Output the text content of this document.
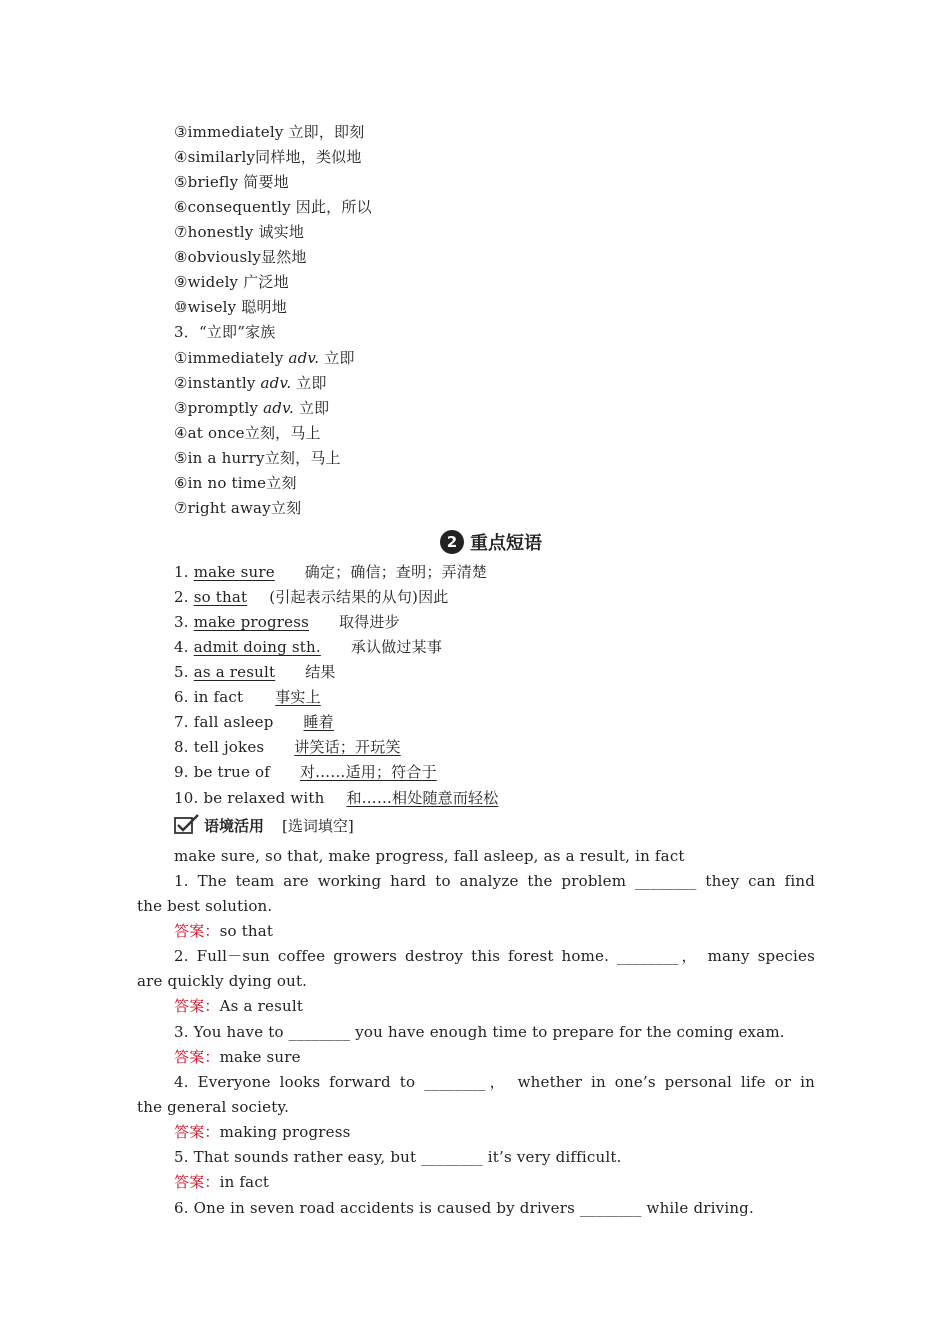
③immediately 立即，即刻
④similarly同样地，类似地
⑤briefly 简要地
⑥consequently 因此，所以
⑦honestly 诚实地
⑧obviously显然地
⑨widely 广泛地
⑩wisely 聪明地
3．“立即”家族
①immediately adv. 立即
②instantly adv. 立即
③promptly adv. 立即
④at once立刻，马上
⑤in a hurry立刻，马上
⑥in no time立刻
⑦right away立刻
2 重点短语
1. make sure 确定；确信；查明；弄清楚
2. so that (引起表示结果的从句)因此
3. make progress 取得进步
4. admit doing sth. 承认做过某事
5. as a result 结果
6. in fact 事实上
7. fall asleep 睡着
8. tell jokes 讲笑话；开玩笑
9. be true of 对……适用；符合于
10. be relaxed with 和……相处随意而轻松
语境活用 [选词填空]
make sure, so that, make progress, fall asleep, as a result, in fact
1. The team are working hard to analyze the problem ________ they can find
the best solution.
答案：so that
2. Full－sun coffee growers destroy this forest home. ________， many species
are quickly dying out.
答案：As a result
3. You have to ________ you have enough time to prepare for the coming exam.
答案：make sure
4. Everyone looks forward to ________， whether in one’s personal life or in
the general society.
答案：making progress
5. That sounds rather easy, but ________ it’s very difficult.
答案：in fact
6. One in seven road accidents is caused by drivers ________ while driving.
